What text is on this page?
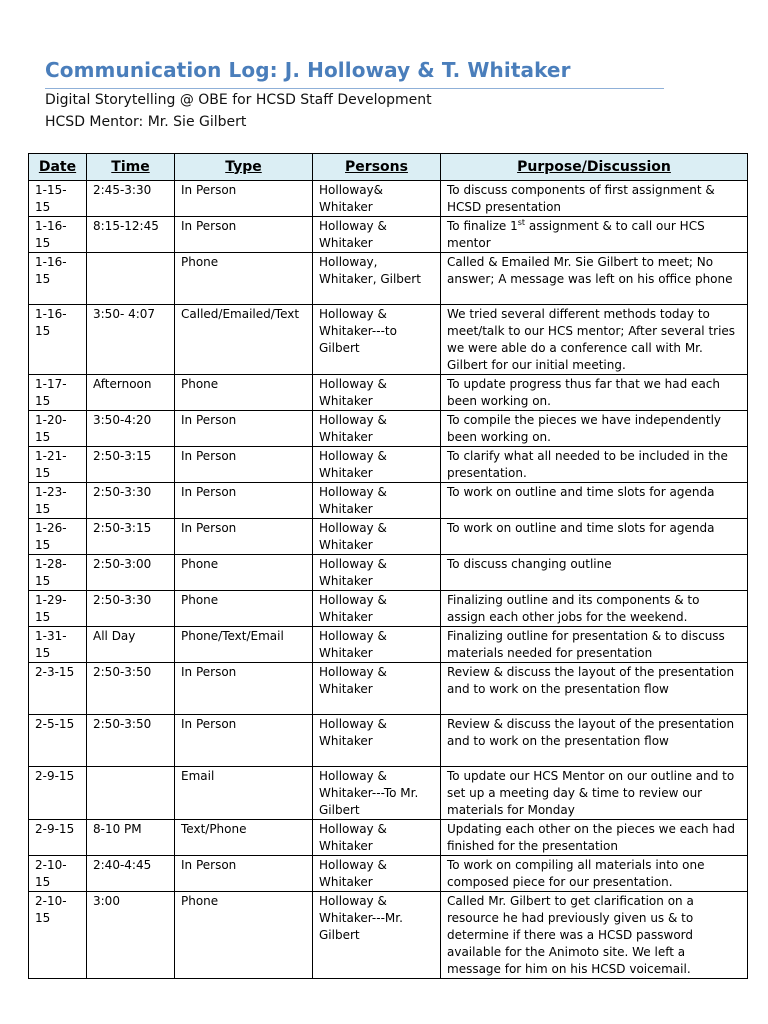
Communication Log: J. Holloway & T. Whitaker
Digital Storytelling @ OBE for HCSD Staff Development
HCSD Mentor: Mr. Sie Gilbert
Date	Time	Type	Persons	Purpose/Discussion
1-15-15	2:45-3:30	In Person	Holloway& Whitaker	To discuss components of first assignment & HCSD presentation
1-16-15	8:15-12:45	In Person	Holloway & Whitaker	To finalize 1st assignment & to call our HCS mentor
1-16-15		Phone	Holloway, Whitaker, Gilbert	Called & Emailed Mr. Sie Gilbert to meet; No answer; A message was left on his office phone
1-16-15	3:50- 4:07	Called/Emailed/Text	Holloway & Whitaker---to Gilbert	We tried several different methods today to meet/talk to our HCS mentor; After several tries we were able do a conference call with Mr. Gilbert for our initial meeting.
1-17-15	Afternoon	Phone	Holloway & Whitaker	To update progress thus far that we had each been working on.
1-20-15	3:50-4:20	In Person	Holloway & Whitaker	To compile the pieces we have independently been working on.
1-21-15	2:50-3:15	In Person	Holloway & Whitaker	To clarify what all needed to be included in the presentation.
1-23-15	2:50-3:30	In Person	Holloway & Whitaker	To work on outline and time slots for agenda
1-26-15	2:50-3:15	In Person	Holloway & Whitaker	To work on outline and time slots for agenda
1-28-15	2:50-3:00	Phone	Holloway & Whitaker	To discuss changing outline
1-29-15	2:50-3:30	Phone	Holloway & Whitaker	Finalizing outline and its components & to assign each other jobs for the weekend.
1-31-15	All Day	Phone/Text/Email	Holloway & Whitaker	Finalizing outline for presentation & to discuss materials needed for presentation
2-3-15	2:50-3:50	In Person	Holloway & Whitaker	Review & discuss the layout of the presentation and to work on the presentation flow
2-5-15	2:50-3:50	In Person	Holloway & Whitaker	Review & discuss the layout of the presentation and to work on the presentation flow
2-9-15		Email	Holloway & Whitaker---To Mr. Gilbert	To update our HCS Mentor on our outline and to set up a meeting day & time to review our materials for Monday
2-9-15	8-10 PM	Text/Phone	Holloway & Whitaker	Updating each other on the pieces we each had finished for the presentation
2-10-15	2:40-4:45	In Person	Holloway & Whitaker	To work on compiling all materials into one composed piece for our presentation.
2-10-15	3:00	Phone	Holloway & Whitaker---Mr. Gilbert	Called Mr. Gilbert to get clarification on a resource he had previously given us & to determine if there was a HCSD password available for the Animoto site. We left a message for him on his HCSD voicemail.
